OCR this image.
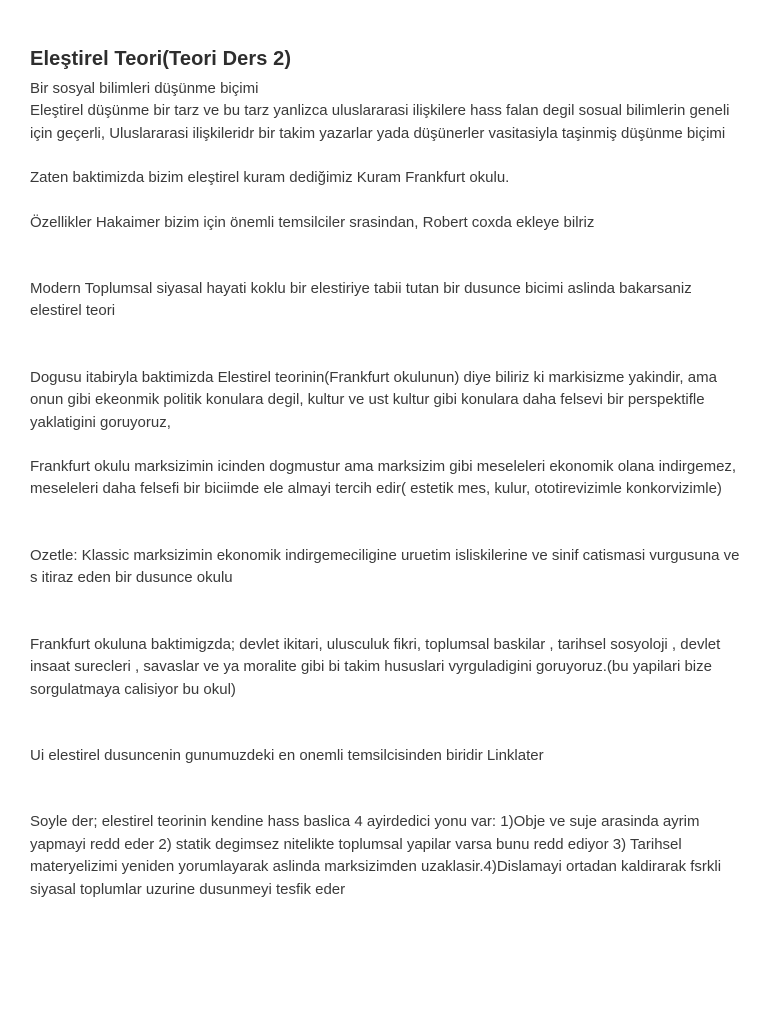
Eleştirel Teori(Teori Ders 2)

Bir sosyal bilimleri düşünme biçimi

Eleştirel düşünme bir tarz ve bu tarz yanlizca uluslararasi ilişkilere hass falan degil sosual bilimlerin geneli için geçerli, Uluslararasi ilişkileridr bir takim yazarlar yada düşünerler vasitasiyla taşinmiş düşünme biçimi

Zaten baktimizda bizim eleştirel kuram dediğimiz Kuram Frankfurt okulu.

Özellikler Hakaimer bizim için önemli temsilciler srasindan, Robert coxda ekleye bilriz

Modern Toplumsal siyasal hayati koklu bir elestiriye tabii tutan bir dusunce bicimi aslinda bakarsaniz elestirel teori

Dogusu itabiryla baktimizda Elestirel teorinin(Frankfurt okulunun) diye biliriz ki markisizme yakindir, ama onun gibi ekeonmik politik konulara degil, kultur ve ust kultur gibi konulara daha felsevi bir perspektifle yaklatigini goruyoruz,

Frankfurt okulu marksizimin icinden dogmustur ama marksizim gibi meseleleri ekonomik olana indirgemez, meseleleri daha felsefi bir biciimde ele almayi tercih edir( estetik mes, kulur, ototirevizimle konkorvizimle)

Ozetle: Klassic marksizimin ekonomik indirgemeciligine uruetim isliskilerine ve sinif catismasi vurgusuna ve s itiraz eden bir dusunce okulu

Frankfurt okuluna baktimigzda; devlet ikitari, ulusculuk fikri, toplumsal baskilar , tarihsel sosyoloji , devlet insaat surecleri , savaslar ve ya moralite gibi bi takim hususlari vyrguladigini goruyoruz.(bu yapilari bize sorgulatmaya calisiyor bu okul)

Ui elestirel dusuncenin gunumuzdeki en onemli temsilcisinden biridir Linklater

Soyle der; elestirel teorinin kendine hass baslica 4 ayirdedici yonu var: 1)Obje ve suje arasinda ayrim yapmayi redd eder 2) statik degimsez nitelikte toplumsal yapilar varsa bunu redd ediyor 3) Tarihsel materyelizimi yeniden yorumlayarak aslinda marksizimden uzaklasir.4)Dislamayi ortadan kaldirarak fsrkli siyasal toplumlar uzurine dusunmeyi tesfik eder
